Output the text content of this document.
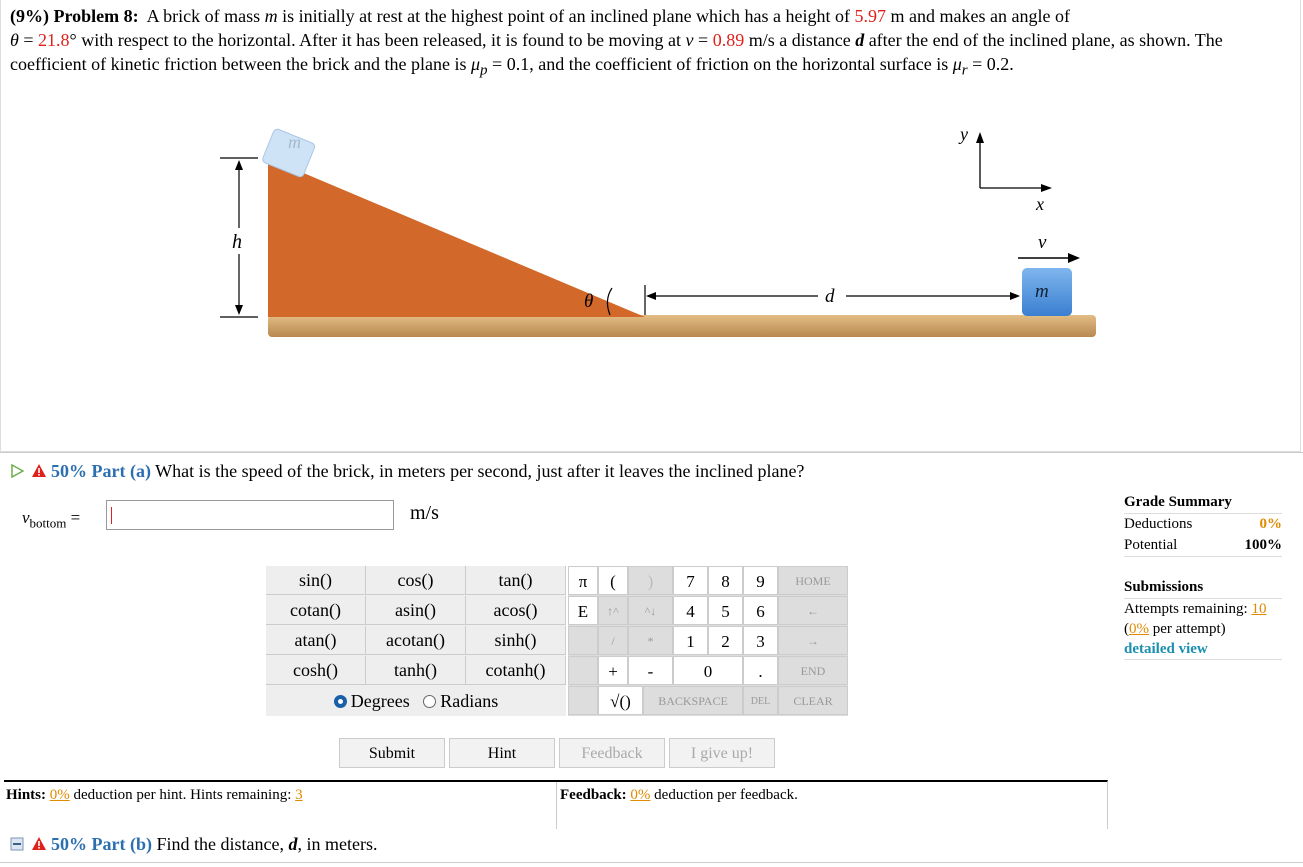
(9%) Problem 8: A brick of mass m is initially at rest at the highest point of an inclined plane which has a height of 5.97 m and makes an angle of
θ = 21.8° with respect to the horizontal. After it has been released, it is found to be moving at v = 0.89 m/s a distance d after the end of the inclined plane, as shown. The coefficient of kinetic friction between the brick and the plane is $\mu_p = 0.1$, and the coefficient of friction on the horizontal surface is $\mu_r = 0.2$.
m
h
θ	d	m
v
y
x
50% Part (a) What is the speed of the brick, in meters per second, just after it leaves the inclined plane?
$v_{bottom}$ =	m/s
sin()	cos()	tan()
cotan()	asin()	acos()
atan()	acotan()	sinh()
cosh()	tanh()	cotanh()
Degrees Radians
π	(	)	7	8	9	HOME
E	↑^	^↓	4	5	6	←
/	*	1	2	3	→
+	-	0	.	END
√()	BACKSPACE	DEL	CLEAR
Submit	Hint	Feedback	I give up!
Hints: 0% deduction per hint. Hints remaining: 3	Feedback: 0% deduction per feedback.
Grade Summary
Deductions	0%
Potential	100%
Submissions
Attempts remaining: 10
(0% per attempt)

detailed view
50% Part (b) Find the distance, d, in meters.
